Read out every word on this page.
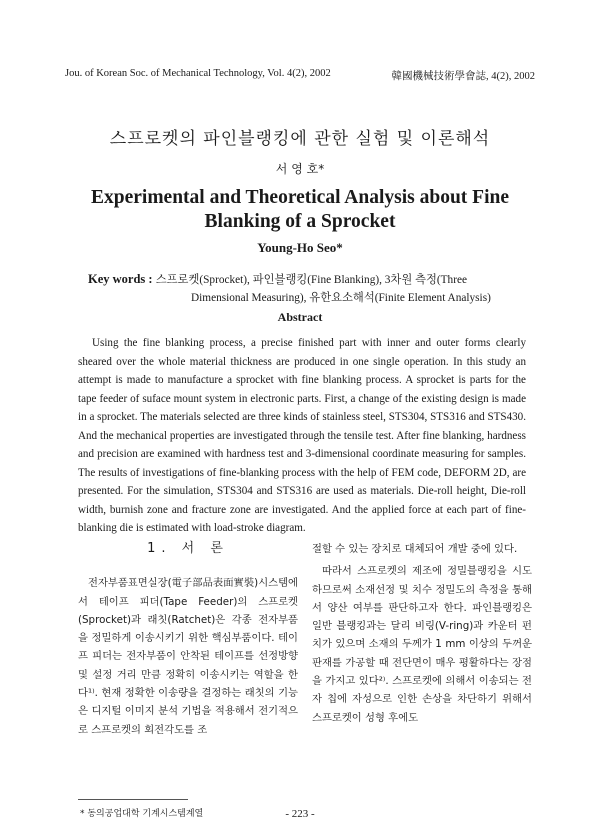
Jou. of Korean Soc. of Mechanical Technology, Vol. 4(2), 2002	韓國機械技術學會誌, 4(2), 2002
스프로켓의 파인블랭킹에 관한 실험 및 이론해석
서 영 호*
Experimental and Theoretical Analysis about Fine Blanking of a Sprocket
Young-Ho Seo*
Key words : 스프로켓(Sprocket), 파인블랭킹(Fine Blanking), 3차원 측정(Three
Dimensional Measuring), 유한요소해석(Finite Element Analysis)
Abstract

Using the fine blanking process, a precise finished part with inner and outer forms clearly sheared over the whole material thickness are produced in one single operation. In this study an attempt is made to manufacture a sprocket with fine blanking process. A sprocket is parts for the tape feeder of suface mount system in electronic parts. First, a change of the existing design is made in a sprocket. The materials selected are three kinds of stainless steel, STS304, STS316 and STS430. And the mechanical properties are investigated through the tensile test. After fine blanking, hardness and precision are examined with hardness test and 3-dimensional coordinate measuring for samples. The results of investigations of fine-blanking process with the help of FEM code, DEFORM 2D, are presented. For the simulation, STS304 and STS316 are used as materials. Die-roll height, Die-roll width, burnish zone and fracture zone are investigated. And the applied force at each part of fine-blanking die is estimated with load-stroke diagram.

1. 서 론

전자부품표면실장(電子部品表面實裝)시스템에서 테이프 피더(Tape Feeder)의 스프로켓(Sprocket)과 래칫(Ratchet)은 각종 전자부품을 정밀하게 이송시키기 위한 핵심부품이다. 테이프 피더는 전자부품이 안착된 테이프를 선정방향 및 설정 거리 만큼 정확히 이송시키는 역할을 한다¹⁾. 현재 정확한 이송량을 결정하는 래칫의 기능은 디지털 이미지 분석 기법을 적용해서 전기적으로 스프로켓의 회전각도를 조

절할 수 있는 장치로 대체되어 개발 중에 있다.

따라서 스프로켓의 제조에 정밀블랭킹을 시도하므로써 소재선정 및 치수 정밀도의 측정을 통해서 양산 여부를 판단하고자 한다. 파인블랭킹은 일반 블랭킹과는 달리 비링(V-ring)과 카운터 펀치가 있으며 소재의 두께가 1 mm 이상의 두꺼운 판재를 가공할 때 전단면이 매우 평활하다는 장점을 가지고 있다²⁾. 스프로켓에 의해서 이송되는 전자 칩에 자성으로 인한 손상을 차단하기 위해서 스프로켓이 성형 후에도

* 동의공업대학 기계시스템계열	- 223 -
